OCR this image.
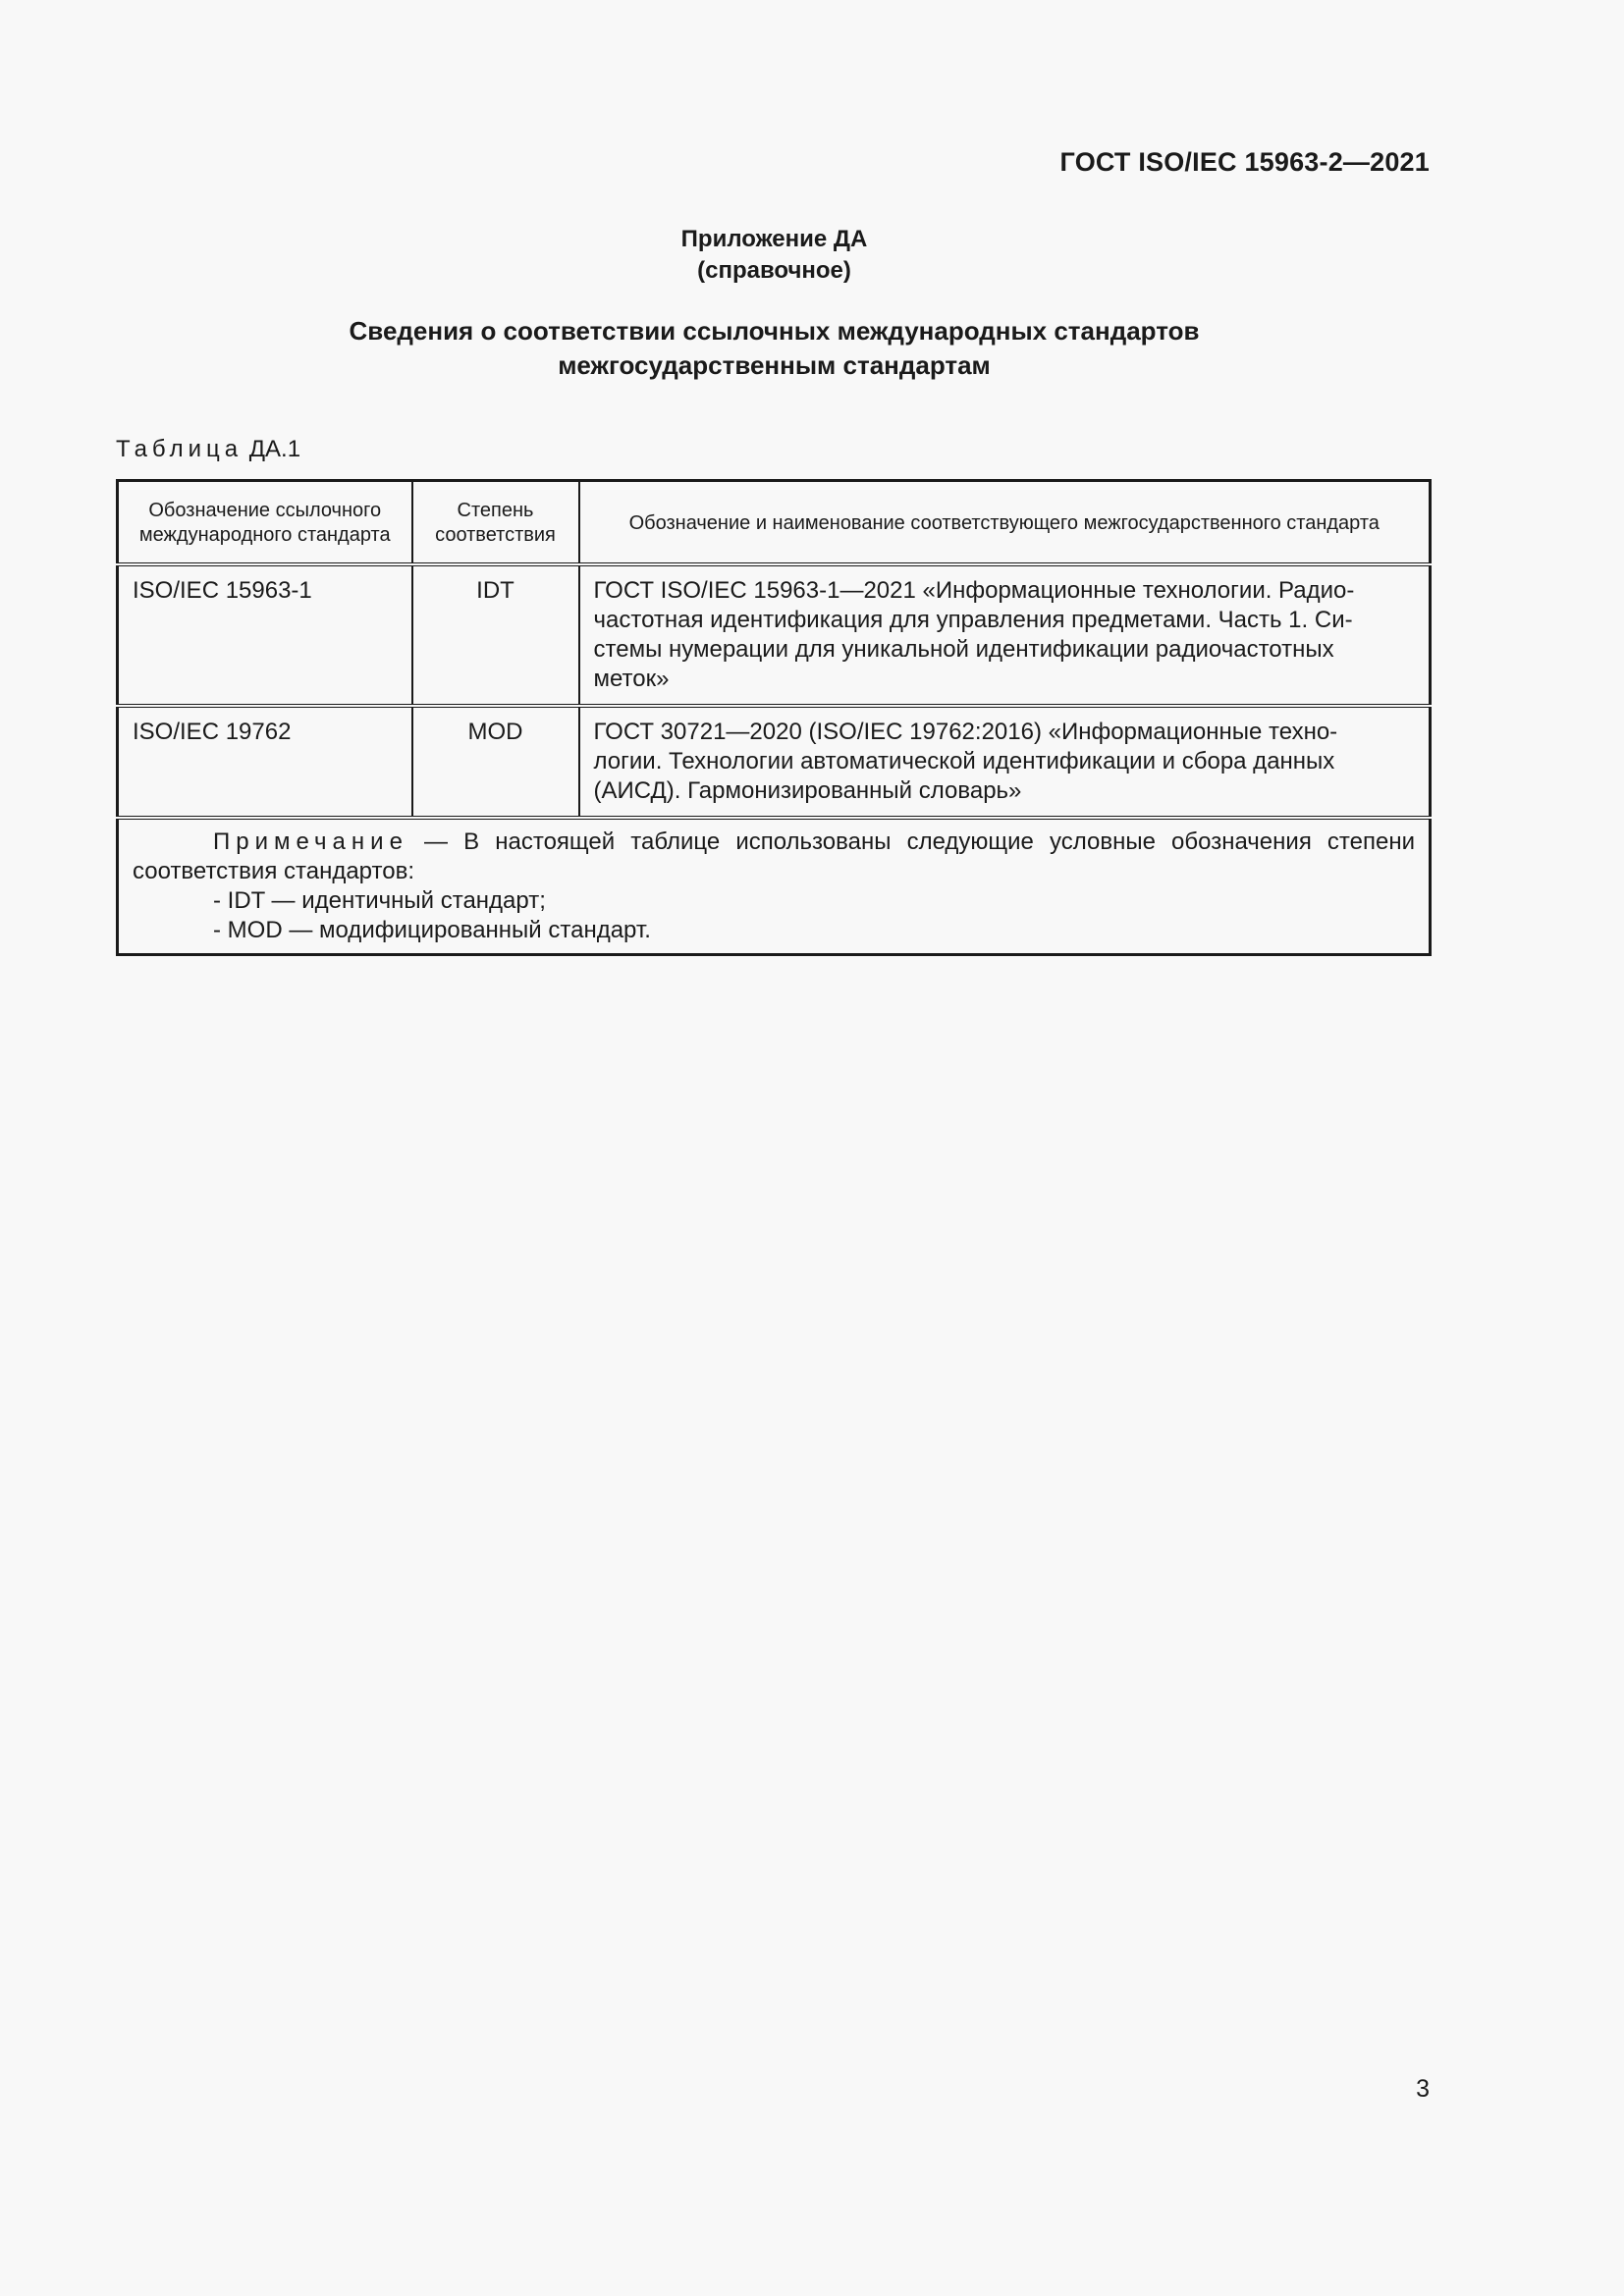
ГОСТ ISO/IEC 15963-2—2021
Приложение ДА
(справочное)
Сведения о соответствии ссылочных международных стандартов
межгосударственным стандартам
Таблица ДА.1
Обозначение ссылочного международного стандарта	Степень соответствия	Обозначение и наименование соответствующего межгосударственного стандарта
ISO/IEC 15963-1	IDT	ГОСТ ISO/IEC 15963-1—2021 «Информационные технологии. Радио-
частотная идентификация для управления предметами. Часть 1. Си-
стемы нумерации для уникальной идентификации радиочастотных
меток»

ISO/IEC 19762	MOD	ГОСТ 30721—2020 (ISO/IEC 19762:2016) «Информационные техно-
логии. Технологии автоматической идентификации и сбора данных
(АИСД). Гармонизированный словарь»

Примечание — В настоящей таблице использованы следующие условные обозначения степени соответствия стандартов:
- IDT — идентичный стандарт;
- MOD — модифицированный стандарт.		
3
